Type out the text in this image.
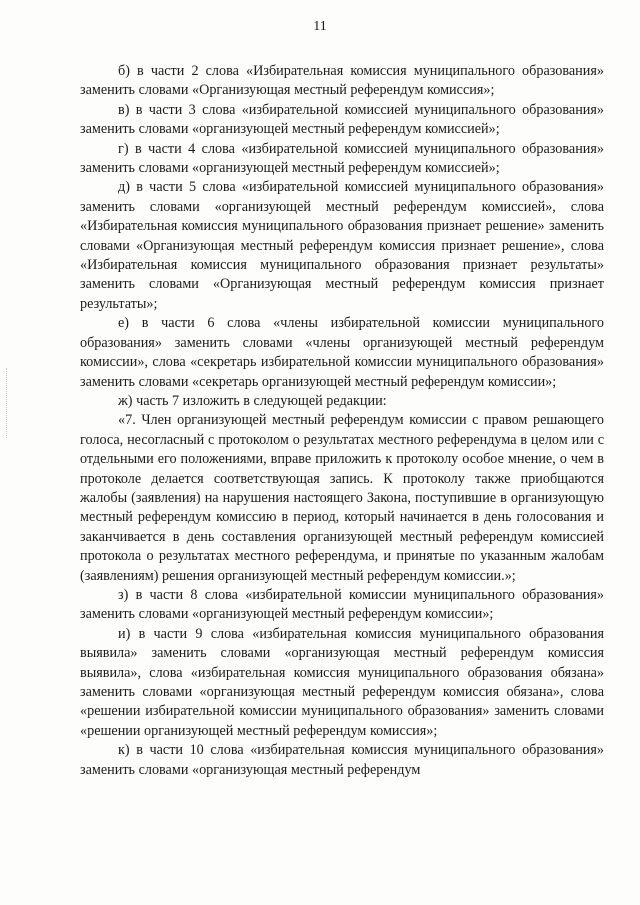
11

б) в части 2 слова «Избирательная комиссия муниципального образования» заменить словами «Организующая местный референдум комиссия»;

в) в части 3 слова «избирательной комиссией муниципального образования» заменить словами «организующей местный референдум комиссией»;

г) в части 4 слова «избирательной комиссией муниципального образования» заменить словами «организующей местный референдум комиссией»;

д) в части 5 слова «избирательной комиссией муниципального образования» заменить словами «организующей местный референдум комиссией», слова «Избирательная комиссия муниципального образования признает решение» заменить словами «Организующая местный референдум комиссия признает решение», слова «Избирательная комиссия муниципального образования признает результаты» заменить словами «Организующая местный референдум комиссия признает результаты»;

е) в части 6 слова «члены избирательной комиссии муниципального образования» заменить словами «члены организующей местный референдум комиссии», слова «секретарь избирательной комиссии муниципального образования» заменить словами «секретарь организующей местный референдум комиссии»;

ж) часть 7 изложить в следующей редакции:

«7. Член организующей местный референдум комиссии с правом решающего голоса, несогласный с протоколом о результатах местного референдума в целом или с отдельными его положениями, вправе приложить к протоколу особое мнение, о чем в протоколе делается соответствующая запись. К протоколу также приобщаются жалобы (заявления) на нарушения настоящего Закона, поступившие в организующую местный референдум комиссию в период, который начинается в день голосования и заканчивается в день составления организующей местный референдум комиссией протокола о результатах местного референдума, и принятые по указанным жалобам (заявлениям) решения организующей местный референдум комиссии.»;

з) в части 8 слова «избирательной комиссии муниципального образования» заменить словами «организующей местный референдум комиссии»;

и) в части 9 слова «избирательная комиссия муниципального образования выявила» заменить словами «организующая местный референдум комиссия выявила», слова «избирательная комиссия муниципального образования обязана» заменить словами «организующая местный референдум комиссия обязана», слова «решении избирательной комиссии муниципального образования» заменить словами «решении организующей местный референдум комиссия»;

к) в части 10 слова «избирательная комиссия муниципального образования» заменить словами «организующая местный референдум
